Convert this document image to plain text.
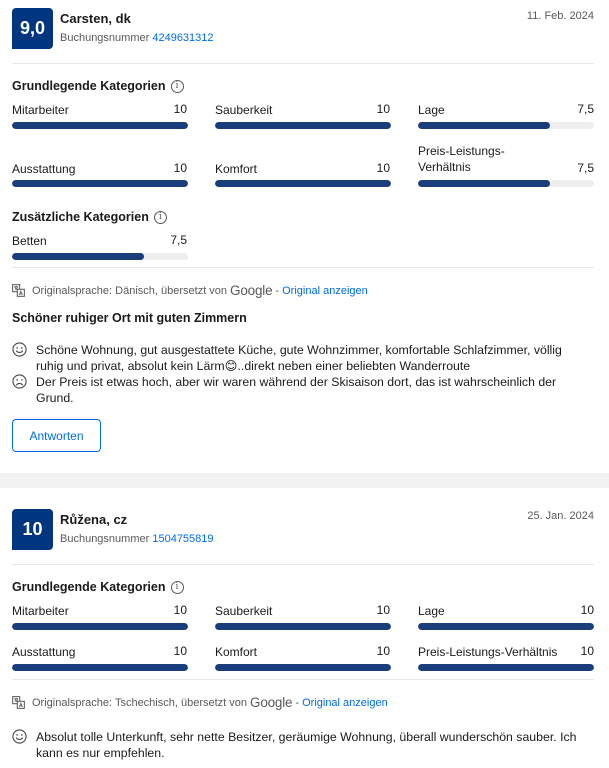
9,0 Carsten, dk
Buchungsnummer 4249631312
11. Feb. 2024
Grundlegende Kategorien	i
Mitarbeiter	10 Sauberkeit	10 Lage	7,5
Ausstattung	10 Komfort	10
Preis-Leistungs-
Verhältnis	7,5
Zusätzliche Kategorien	i
Betten	7,5
Originalsprache: Dänisch, übersetzt von Google - Original anzeigen
Schöner ruhiger Ort mit guten Zimmern
Schöne Wohnung, gut ausgestattete Küche, gute Wohnzimmer, komfortable Schlafzimmer, völlig
ruhig und privat, absolut kein Lärm😊..direkt neben einer beliebten Wanderroute
Der Preis ist etwas hoch, aber wir waren während der Skisaison dort, das ist wahrscheinlich der Grund.
Antworten
10 Růžena, cz
Buchungsnummer 1504755819
25. Jan. 2024
Grundlegende Kategorien	i
Mitarbeiter	10 Sauberkeit	10 Lage	10
Ausstattung	10 Komfort	10 Preis-Leistungs-Verhältnis	10
Originalsprache: Tschechisch, übersetzt von Google - Original anzeigen
Absolut tolle Unterkunft, sehr nette Besitzer, geräumige Wohnung, überall wunderschön sauber. Ich kann es nur empfehlen.
